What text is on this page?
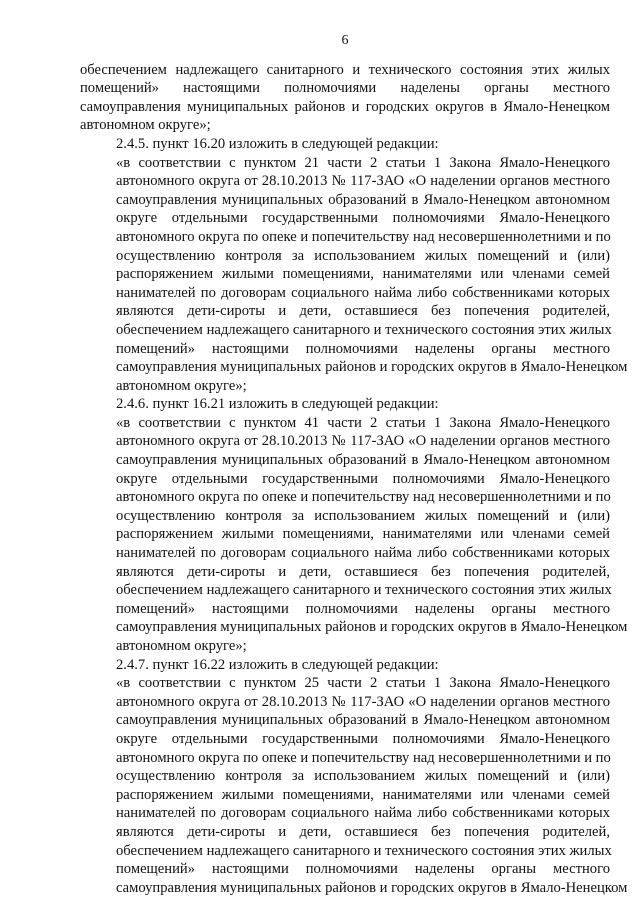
6

обеспечением надлежащего санитарного и технического состояния этих жилых
помещений» настоящими полномочиями наделены органы местного
самоуправления муниципальных районов и городских округов в Ямало-Ненецком
автономном округе»;

2.4.5. пункт 16.20 изложить в следующей редакции:

«в соответствии с пунктом 21 части 2 статьи 1 Закона Ямало-Ненецкого
автономного округа от 28.10.2013 № 117-ЗАО «О наделении органов местного
самоуправления муниципальных образований в Ямало-Ненецком автономном
округе отдельными государственными полномочиями Ямало-Ненецкого
автономного округа по опеке и попечительству над несовершеннолетними и по
осуществлению контроля за использованием жилых помещений и (или)
распоряжением жилыми помещениями, нанимателями или членами семей
нанимателей по договорам социального найма либо собственниками которых
являются дети-сироты и дети, оставшиеся без попечения родителей,
обеспечением надлежащего санитарного и технического состояния этих жилых
помещений» настоящими полномочиями наделены органы местного
самоуправления муниципальных районов и городских округов в Ямало-Ненецком
автономном округе»;

2.4.6. пункт 16.21 изложить в следующей редакции:

«в соответствии с пунктом 41 части 2 статьи 1 Закона Ямало-Ненецкого
автономного округа от 28.10.2013 № 117-ЗАО «О наделении органов местного
самоуправления муниципальных образований в Ямало-Ненецком автономном
округе отдельными государственными полномочиями Ямало-Ненецкого
автономного округа по опеке и попечительству над несовершеннолетними и по
осуществлению контроля за использованием жилых помещений и (или)
распоряжением жилыми помещениями, нанимателями или членами семей
нанимателей по договорам социального найма либо собственниками которых
являются дети-сироты и дети, оставшиеся без попечения родителей,
обеспечением надлежащего санитарного и технического состояния этих жилых
помещений» настоящими полномочиями наделены органы местного
самоуправления муниципальных районов и городских округов в Ямало-Ненецком
автономном округе»;

2.4.7. пункт 16.22 изложить в следующей редакции:

«в соответствии с пунктом 25 части 2 статьи 1 Закона Ямало-Ненецкого
автономного округа от 28.10.2013 № 117-ЗАО «О наделении органов местного
самоуправления муниципальных образований в Ямало-Ненецком автономном
округе отдельными государственными полномочиями Ямало-Ненецкого
автономного округа по опеке и попечительству над несовершеннолетними и по
осуществлению контроля за использованием жилых помещений и (или)
распоряжением жилыми помещениями, нанимателями или членами семей
нанимателей по договорам социального найма либо собственниками которых
являются дети-сироты и дети, оставшиеся без попечения родителей,
обеспечением надлежащего санитарного и технического состояния этих жилых
помещений» настоящими полномочиями наделены органы местного
самоуправления муниципальных районов и городских округов в Ямало-Ненецком
